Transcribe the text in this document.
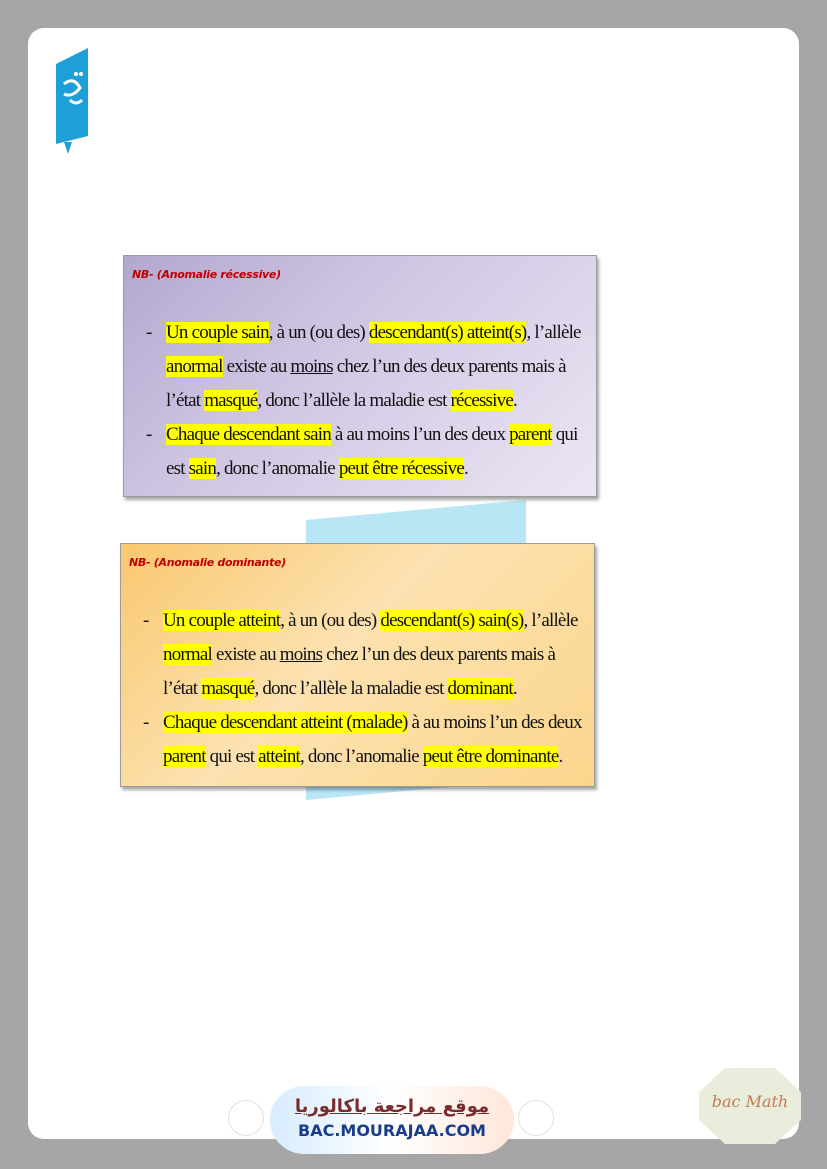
NB- (Anomalie récessive)
- Un couple sain, à un (ou des) descendant(s) atteint(s), l’allèle anormal existe au moins chez l’un des deux parents mais à l’état masqué, donc l’allèle la maladie est récessive.
- Chaque descendant sain à au moins l’un des deux parent qui est sain, donc l’anomalie peut être récessive.
NB- (Anomalie dominante)
- Un couple atteint, à un (ou des) descendant(s) sain(s), l’allèle normal existe au moins chez l’un des deux parents mais à l’état masqué, donc l’allèle la maladie est dominant.
- Chaque descendant atteint (malade) à au moins l’un des deux parent qui est atteint, donc l’anomalie peut être dominante.
موقع مراجعة باكالوريا
BAC.MOURAJAA.COM
bac Math
